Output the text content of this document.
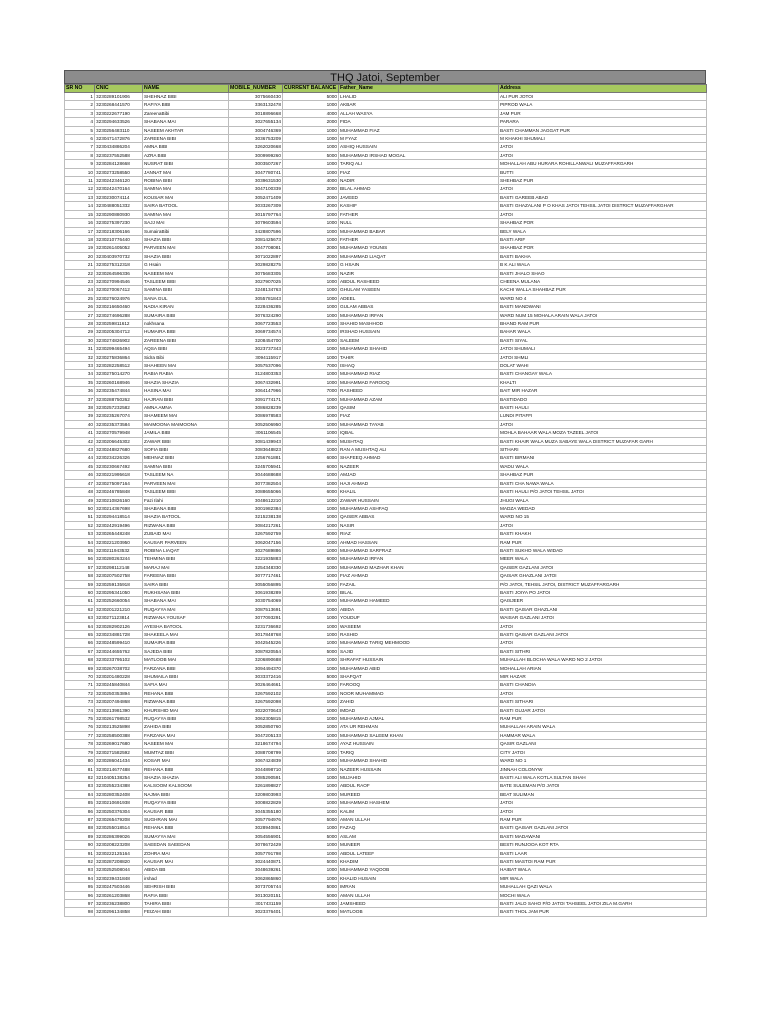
THQ Jatoi, September
SR NO	CNIC	NAME	MOBILE_NUMBER	CURRENT BALANCE	Father_Name	Address
1	3230289101906	SHEHNAZ BIBI	3075660430	5000	LHALID	ALI PUR JOTOI
2	3230268441570	RAFIYA BIBI	3363132478	1000	AKBAR	PIPROD WALA
3	3230222677190	ZareenaBibi	3018896668	4000	ALLAH WASYA	JAM PUR
4	3230294633526	SHABANA MAI	3027655134	2000	FIDA	PARARA
5	3230256483110	NASEEM AKHTAR	3004746369	1000	MUHAMMAD FIAZ	BASTI CHAMMAN JAGGAT PUR
6	3230471472876	ZAREENA BIBI	3036753209	1000	M FYAZ	M KHAKHI SHUMALI
7	3230434886204	AMNA BIBI	3262020668	1000	ASHIQ HUSSAIN	JATOI
8	3230237552588	AZRA BIBI	3009999260	5000	MUHAMMAD IRSHAD MOGAL	JATOI
9	3230284128668	NUSRAT BIBI	3003507267	1000	TARIQ ALI	MOHALLAH ABU HURARA ROHILLANWALI MUZAFFARGARH
10	3230273258550	JANNAT MAI	3047780741	1000	FIAZ	BUTTI
11	3230242346120	ROBINA BIBI	3039631530	4000	NADIR	SHEHBAZ PUR
12	3230242470164	SAMINA MAI	3047100339	2000	BILAL AHMAD	JATOI
13	3230230074114	KOUSAR MAI	3052471409	2000	JAVEED	BASTI GAREEB ABAD
14	3230488051332	SAIRA BATOOL	3033267309	2000	KASHIF	BASTI GHAZALANI P O KHAS JATOI TEHSIL JATOI DISTRICT MUZAFFARGHAR
15	3230290880930	SAMINA MAI	3015797764	1000	FATHER	JATOI
16	3230275397230	SAJJ MAI	3079603594	1000	NULL	SHAHBAZ POR
17	3230218306166	SumairaBibi	3428807596	1000	MUHAMMAD BABAR	BELY WALA
18	3230210776440	SHAZIA BIBI	3081425673	1000	FATHER	BASTI ARIF
19	3230261405052	PARVEEN MAI	3047708081	2000	MUHAMMAD YOUNIS	SHAHBAZ POR
20	3230403970732	SHAZIA BIBI	3071022897	2000	MUHAMMAD LIAQAT	BASTI BAKHA
21	3230275312318	G Hsain	3029828275	1000	G HSAIN	B K ALI WALA
22	3230264596336	NASEEM MAI	3075683305	1000	NAZIR	BASTI JHALO SHAO
23	3230270994546	TASLEEM BIBI	3027907025	1000	ABDUL RASHEED	CHEENA MULANA
24	3230270067412	SAMINA BIBI	3248134763	1000	GHULAM YASEEN	KACHI WALLA SHAHBAZ PUR
25	3230276024976	SANA GUL	3055781843	1000	ADEEL	WARD NO 4
26	3230216650460	NADIA KIRAN	3228436285	1000	GULAM ABBAS	BASTI MANDWANI
27	3230274696288	SUMAIRA BIBI	3076324290	1000	MUHAMMAD IRFAN	WARD NUM 15 MOHALA ARAIN WALA JATOI
28	3230259811612	nokhsana	3067723553	1000	SHAHID MASHHOD	BHAND RAM PUR
29	3230205304712	HUMAIRA BIBI	3069734574	1000	IRSHAD HUSSAIN	BAHAR WALA
30	3230274826902	ZAREENA BIBI	3208454700	1000	SALEEM	BASTI SIYAL
31	3230299465494	AQSA BIBI	3023737343	1000	MUHAMMAD SHAHID	JATOI SHUMALI
32	3230275836864	Sidra Bibi	3094115917	1000	TAHIR	JATOI SHMLI
33	3230282258512	SHAHEEN MAI	3057537096	7000	ISHAQ	DOLAT WAHI
34	3230275014270	RABIA RABIA	3124803353	1000	MUHAMMAD RIAZ	BASTI CHANGAY WALA
35	3230260168946	SHAZIA SHAZIA	3067432991	1000	MUHAMMAD FAROOQ	KHALTI
36	3230235474844	HASINA MAI	3064147966	7000	RASHEED	BAIT MIR HAZAR
37	3230288750262	HAJRAN BIBI	3091774171	1000	MUHAMMAD AZAM	BASTIDADO
38	3230257232582	AMNA AMNA	3086828239	1000	QASIM	BASTI HAULI
39	3230235267074	SHAMEEM MAI	3086978583	1000	FIAZ	LUNDI PITAFFI
40	3230235373584	MAIMOONA MAIMOONA	3052506950	1000	MUHAMMAD TAYAB	JATOI
41	3230270579948	JAMILA BIBI	3061106545	1000	IQBAL	MOHLA BAHAAR WALA MOZA TAZEEL JATOI
42	3230206645302	ZAWAR BIBI	3081439943	6000	MUSHTAQ	BASTI KHAIR WALA MUZA SABAYE WALA DISTRICT MUZAFAR GARH
43	3230248827680	SOFIA BIBI	3083648823	1000	RAN A MUSHTAQ ALI	SITHARI
44	3230234226326	MEHNAZ BIBI	3256761881	6000	SHAFEEQ AHMAD	BASTI BIRMANI
45	3230230667492	SAMINA BIBI	3245705941	6000	NAZEER	WADU WALA
46	3230221995618	TASLEEM NA	3044688688	1000	AMJAD	SHAHBAZ PUR
47	3230275097164	PARVEEN MAI	3077382504	1000	HAJI AHMAD	BASTI CHA NAWA WALA
48	3230246785848	TASLEEM BIBI	3088655066	6000	KHALIL	BASTI HAULI P/O JATOI TEHSIL JATOI
49	3230210826160	Fazi Ilahi	3048612210	1000	ZAWAR HUSSAIN	JHUGI WALA
50	3230214367698	SHABANA BIBI	3001982384	1000	MUHAMMAD ASHFAQ	MADZA WEDAD
51	3230294418514	SHAZIA BATOOL	3215238138	1000	QAISER ABBAS	WARD NO 15
52	3230242919496	RIZWANA BIBI	3084217261	1000	NASIR	JATOI
53	3230265448248	ZUBAID MAI	3267592759	6000	RIAZ	BASTI KHAKH
54	3230221203950	KAUSAR PARVEEN	3062047156	1000	AHMAD HASSAN	RAM PUR
55	3230211943532	ROBINA LIAQAT	3027689886	1000	MUHAMMAD SARFRAZ	BASTI SUKHO WALA WIDAD
56	3230280263244	TEHMINA BIBI	3221935883	6000	MUHAMMAD IRFAN	MEER WALA
57	3230298112148	MARAJ MAI	3254348330	1000	MUHAMMAD MAZHAR KHAN	QAISER GAZLANI JATOI
58	3230207502758	FAREENA BIBI	3077717461	1000	FIAZ AHMAD	QAISAR GHAZLANI JATOI
59	3230259135918	SAIRA BIBI	3055056895	1000	FAZAIL	P/O JATOI, TEHSIL JATOI, DISTRICT MUZAFFARGARH
60	3230295341050	RUKHSANA BIBI	3061938289	1000	BILAL	BASTI JOIYA PO JATOI
61	3230252660054	SHABANA MAI	3030754069	1000	MUHAMMAD HAMEED	QAISJEER
62	3230201221210	RUQAYYA MAI	3087513691	1000	ABIDA	BASTI QAISAR GHAZLANI
63	3230271123814	RIZWANA YOUSAF	3077093291	1000	YOUDUF	WAISAR GAZLANI JATOI
64	3230282902126	AYESHA BATOOL	3231736692	1000	WASEEM	JATOI
65	3230234881728	SHAKEELA MAI	3017848768	1000	RASHID	BASTI QAISAR GAZLANI JATOI
66	3230248599410	SUMAIRA BIBI	3042545226	1000	MUHAMMAD TARIQ MEHMOOD	JATOI
67	3230244655762	SAJEDA BIBI	3087820554	5000	SAJID	BASTI SITHRI
68	3230233795102	MATLOOB MAI	3206890688	1000	SHRAFAT HUSSAIN	MUHALLAH BLOCHA WALA WARD NO 2 JATOI
69	3230267038702	FARZANA BIBI	3094494370	1000	MUHAMMAD ABID	MOHALLAH ARIAN
70	3230201480228	SHUMAILA BIBI	3033372416	5000	SHAFQAT	MIR HAZAR
71	3230245840844	SAFIA MAI	3026464661	1000	FAROOQ	BASTI CHANDIA
72	3230250353894	REHANA BIBI	3267592102	1000	NOOR MUHAMMAD	JATOI
73	3230207494868	RIZWANA BIBI	3267592098	1000	ZAHID	BASTI SITHARI
74	3230213981390	KHURSHID MAI	3022070643	1000	IMDAD	BASTI GUJAR JATOI
75	3230261798532	RUQAYYA BIBI	3062305815	1000	MUHAMMAD AJMAL	RAM PUR
76	3230213525898	ZAHIDA BIBI	3052850760	1000	ATA UR REHMAN	MUHALLAH ARAIN WALA
77	3230258500388	FARZANA MAI	3047205133	1000	MUHAMMAD SALEEM KHAN	HAMMAR WALA
78	3230269017680	NASEEM MAI	3218674794	1000	AYAZ HUSSAIN	QASIR GAZLANI
79	3230271582592	MUMTAZ BIBI	3088708799	1000	TARIQ	CITY JATOI
80	3230286041434	KOSAR MAI	3067424839	1000	MUHAMMAD SHAHID	WARD NO 1
81	3230214677488	REHANA BIBI	3044898710	1000	NAZEER HUSSAIN	JINNAH COLONYW
82	3210405138254	SHAZIA SHAZIA	3085290591	1000	MUJAHID	BASTI ALI WALA KOTLA SULTAN SHAH
83	3230255234388	KALSOOM KALSOOM	3261898827	1000	ABDUL RAOF	BATE SULEMAN P/O JATOI
84	3230280352408	NAJMA BIBI	3209803993	1000	MUREED	BEAT SULIMAN
85	3230210691938	RUQAYYA BIBI	3008822829	1000	MUHAMMAD HASHEM	JATOI
86	3230250376304	KAUSAR BIBI	3045355180	1000	KALIM	JATOI
87	3230265479208	SUGHRAN MAI	3057794976	5000	AMAN ULLAH	RAM PUR
88	3230255018514	REHANA BIBI	3028940861	1000	FAZAQ	BASTI QAISAR GAZLANI JATOI
89	3230286399026	SUMAYYA MAI	3054556901	5000	ASLAM	BASTI MADAWANI
90	3230208223208	SAEEDAN SAEEDAN	3078672429	1000	MUNEER	BESTI RUNJOOA KOT RTA
91	3230222125164	ZOHRA MAI	3057791798	1000	ABDUL LATEEF	BASTI LAAR
92	3230287208820	KAUSAR MAI	3024440871	5000	KHADIM	BASTI MASTOI RAM PUR
93	3230252508044	ABIDA BB	3048639261	1000	MUHAMMAD YAQOOB	HAIBAT WALA
94	3230239431848	irshad	3062865860	1000	KHALID HUSAIN	MIR WALA
95	3230247503446	SEHRISH BIBI	3073705744	5000	IMRAN	MUHALLAH QAZI WALA
96	3230261203868	RAFIA BIBI	3013020151	5000	AMAN ULLAH	MOCHI WALA
97	3230236238800	TAHIRA BIBI	3017431159	1000	JAMSHEED	BASTI JALO SAHO P/O JATOI TAHSEEL JATOI ZILA M.GARH
98	3230296134858	FEIZAH BIBI	3023376401	5000	MATLOOB	BASTI THOL JAM PUR
